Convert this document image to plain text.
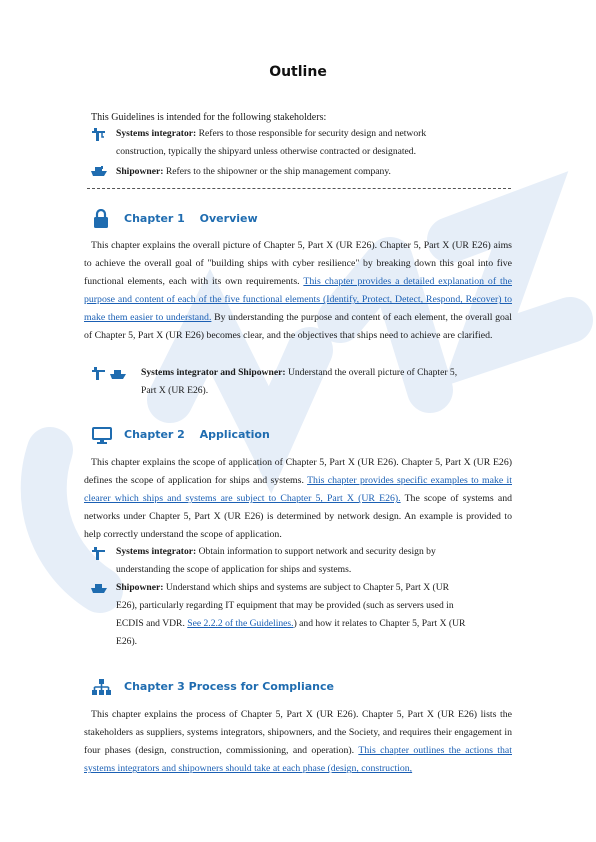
Outline
This Guidelines is intended for the following stakeholders:
Systems integrator: Refers to those responsible for security design and network
construction, typically the shipyard unless otherwise contracted or designated.
Shipowner: Refers to the shipowner or the ship management company.
Chapter 1  Overview
This chapter explains the overall picture of Chapter 5, Part X (UR E26). Chapter 5, Part X (UR E26) aims to achieve the overall goal of "building ships with cyber resilience" by breaking down this goal into five functional elements, each with its own requirements. This chapter provides a detailed explanation of the purpose and content of each of the five functional elements (Identify, Protect, Detect, Respond, Recover) to make them easier to understand. By understanding the purpose and content of each element, the overall goal of Chapter 5, Part X (UR E26) becomes clear, and the objectives that ships need to achieve are clarified.
Systems integrator and Shipowner: Understand the overall picture of Chapter 5,
Part X (UR E26).
Chapter 2  Application
This chapter explains the scope of application of Chapter 5, Part X (UR E26). Chapter 5, Part X (UR E26) defines the scope of application for ships and systems. This chapter provides specific examples to make it clearer which ships and systems are subject to Chapter 5, Part X (UR E26). The scope of systems and networks under Chapter 5, Part X (UR E26) is determined by network design. An example is provided to help correctly understand the scope of application.
Systems integrator: Obtain information to support network and security design by
understanding the scope of application for ships and systems.
Shipowner: Understand which ships and systems are subject to Chapter 5, Part X (UR
E26), particularly regarding IT equipment that may be provided (such as servers used in
ECDIS and VDR. See 2.2.2 of the Guidelines.) and how it relates to Chapter 5, Part X (UR
E26).
Chapter 3 Process for Compliance
This chapter explains the process of Chapter 5, Part X (UR E26). Chapter 5, Part X (UR E26) lists the stakeholders as suppliers, systems integrators, shipowners, and the Society, and requires their engagement in four phases (design, construction, commissioning, and operation). This chapter outlines the actions that systems integrators and shipowners should take at each phase (design, construction,
